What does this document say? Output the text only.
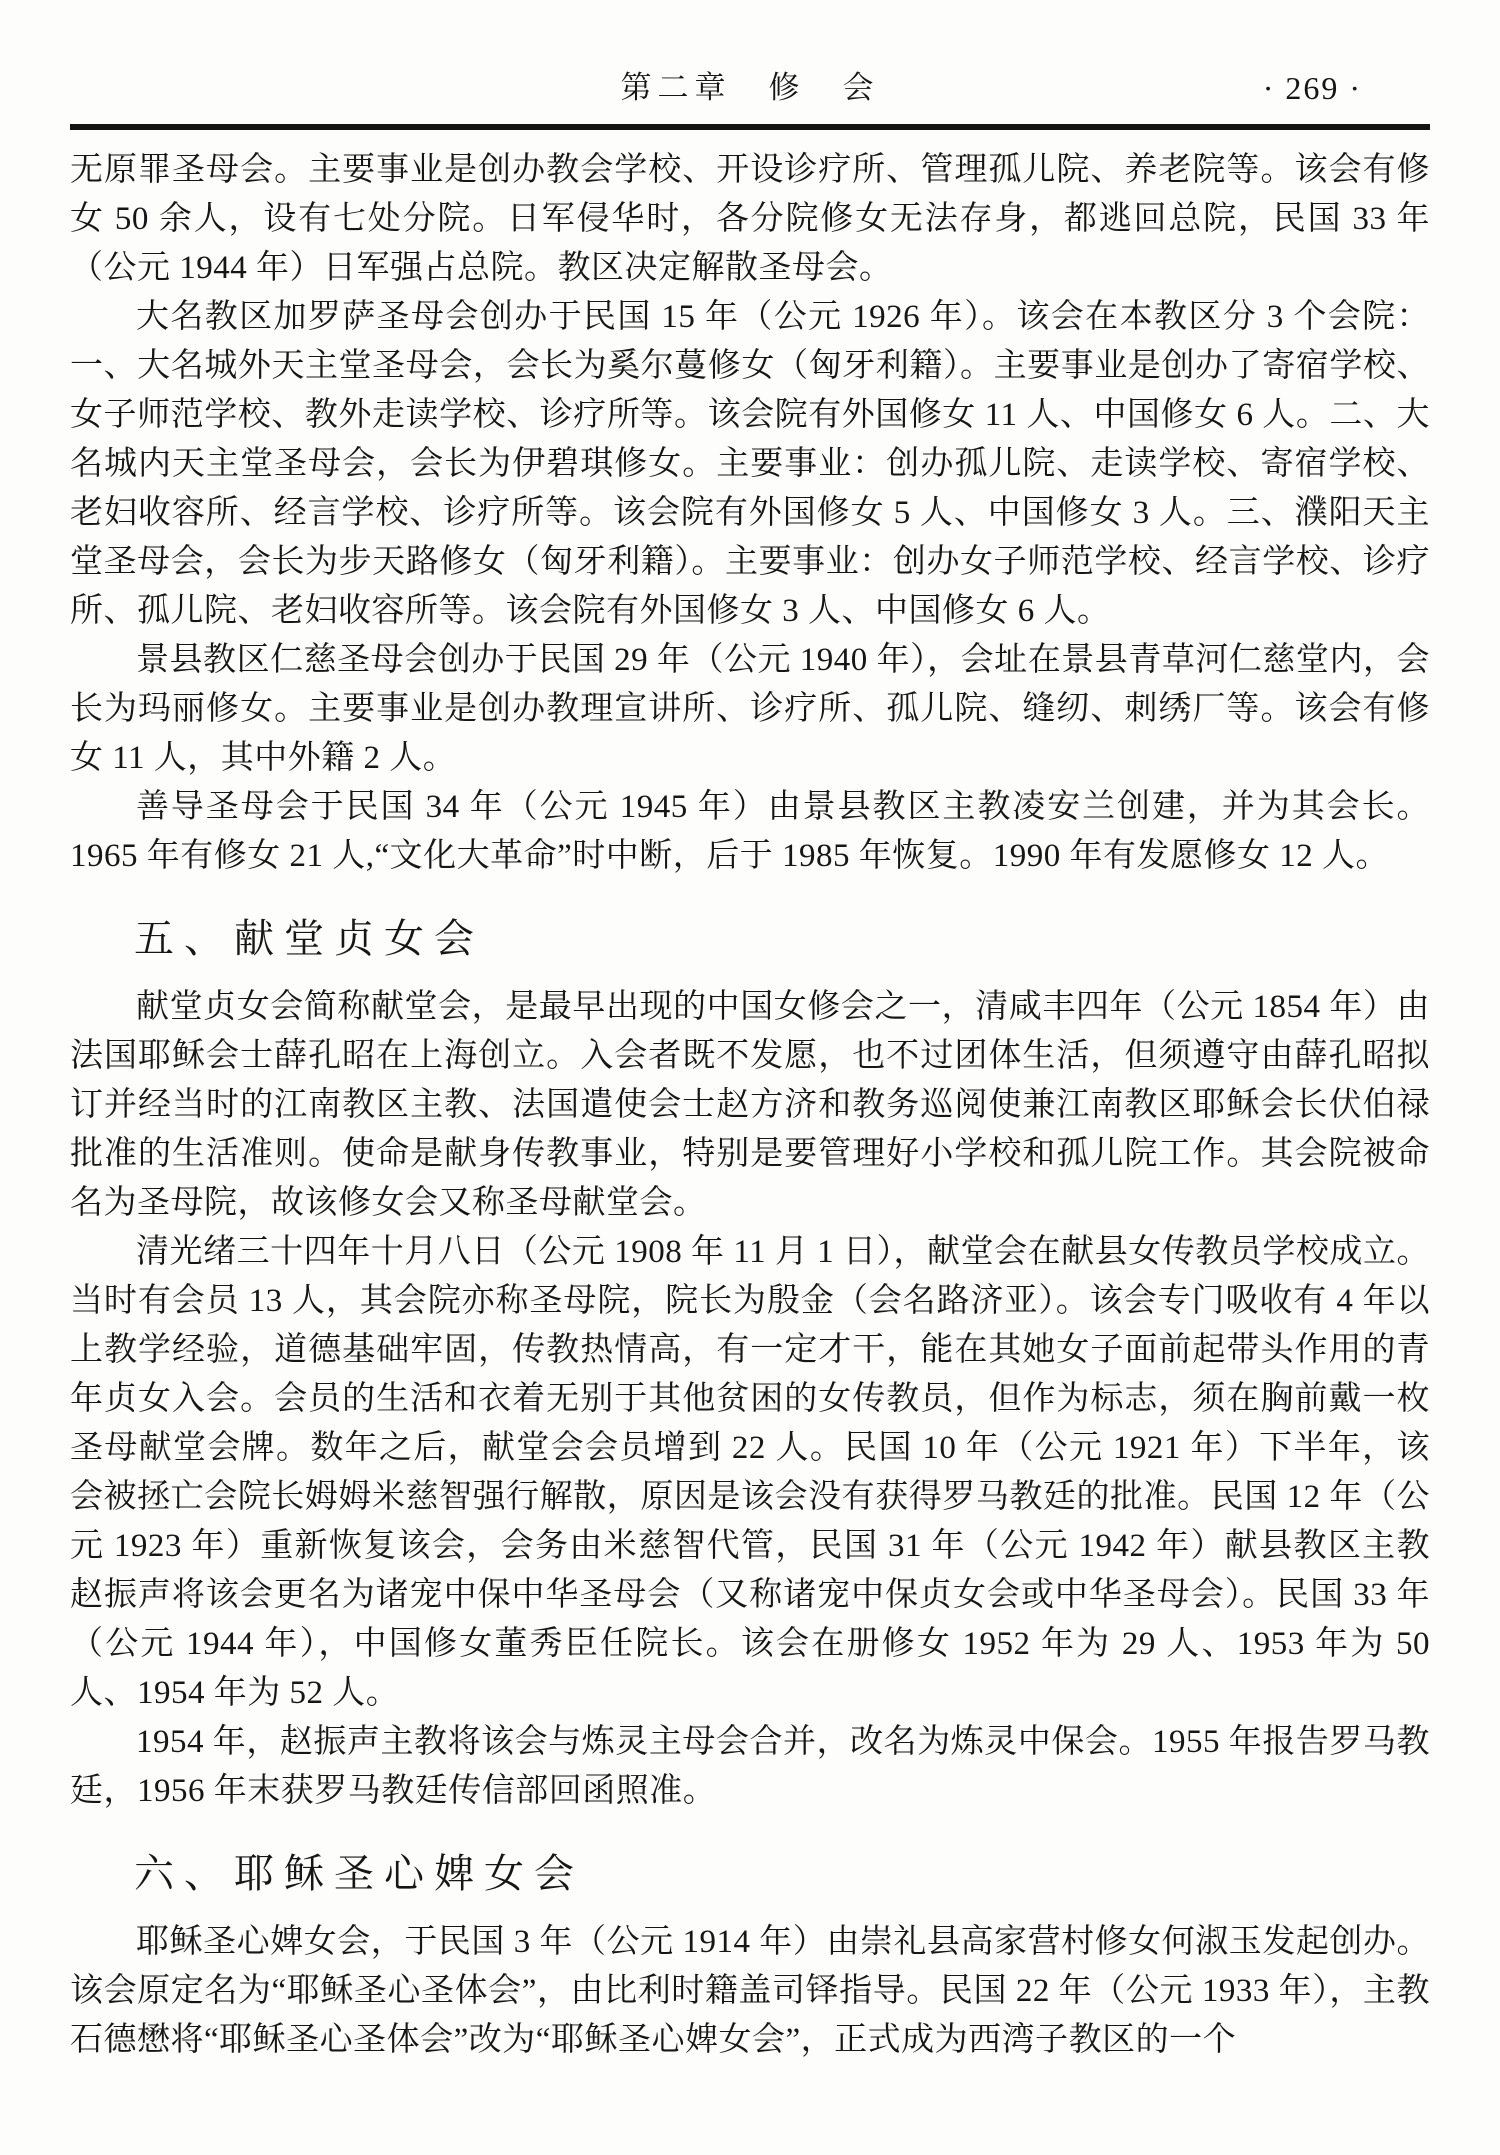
第二章　修　会	· 269 ·

无原罪圣母会。主要事业是创办教会学校、开设诊疗所、管理孤儿院、养老院等。该会有修女 50 余人，设有七处分院。日军侵华时，各分院修女无法存身，都逃回总院，民国 33 年（公元 1944 年）日军强占总院。教区决定解散圣母会。

大名教区加罗萨圣母会创办于民国 15 年（公元 1926 年）。该会在本教区分 3 个会院：一、大名城外天主堂圣母会，会长为奚尔蔓修女（匈牙利籍）。主要事业是创办了寄宿学校、女子师范学校、教外走读学校、诊疗所等。该会院有外国修女 11 人、中国修女 6 人。二、大名城内天主堂圣母会，会长为伊碧琪修女。主要事业：创办孤儿院、走读学校、寄宿学校、老妇收容所、经言学校、诊疗所等。该会院有外国修女 5 人、中国修女 3 人。三、濮阳天主堂圣母会，会长为步天路修女（匈牙利籍）。主要事业：创办女子师范学校、经言学校、诊疗所、孤儿院、老妇收容所等。该会院有外国修女 3 人、中国修女 6 人。

景县教区仁慈圣母会创办于民国 29 年（公元 1940 年），会址在景县青草河仁慈堂内，会长为玛丽修女。主要事业是创办教理宣讲所、诊疗所、孤儿院、缝纫、刺绣厂等。该会有修女 11 人，其中外籍 2 人。

善导圣母会于民国 34 年（公元 1945 年）由景县教区主教凌安兰创建，并为其会长。1965 年有修女 21 人,“文化大革命”时中断，后于 1985 年恢复。1990 年有发愿修女 12 人。

五、献堂贞女会

献堂贞女会简称献堂会，是最早出现的中国女修会之一，清咸丰四年（公元 1854 年）由法国耶稣会士薛孔昭在上海创立。入会者既不发愿，也不过团体生活，但须遵守由薛孔昭拟订并经当时的江南教区主教、法国遣使会士赵方济和教务巡阅使兼江南教区耶稣会长伏伯禄批准的生活准则。使命是献身传教事业，特别是要管理好小学校和孤儿院工作。其会院被命名为圣母院，故该修女会又称圣母献堂会。

清光绪三十四年十月八日（公元 1908 年 11 月 1 日），献堂会在献县女传教员学校成立。当时有会员 13 人，其会院亦称圣母院，院长为殷金（会名路济亚）。该会专门吸收有 4 年以上教学经验，道德基础牢固，传教热情高，有一定才干，能在其她女子面前起带头作用的青年贞女入会。会员的生活和衣着无别于其他贫困的女传教员，但作为标志，须在胸前戴一枚圣母献堂会牌。数年之后，献堂会会员增到 22 人。民国 10 年（公元 1921 年）下半年，该会被拯亡会院长姆姆米慈智强行解散，原因是该会没有获得罗马教廷的批准。民国 12 年（公元 1923 年）重新恢复该会，会务由米慈智代管，民国 31 年（公元 1942 年）献县教区主教赵振声将该会更名为诸宠中保中华圣母会（又称诸宠中保贞女会或中华圣母会）。民国 33 年（公元 1944 年），中国修女董秀臣任院长。该会在册修女 1952 年为 29 人、1953 年为 50 人、1954 年为 52 人。

1954 年，赵振声主教将该会与炼灵主母会合并，改名为炼灵中保会。1955 年报告罗马教廷，1956 年末获罗马教廷传信部回函照准。

六、耶稣圣心婢女会

耶稣圣心婢女会，于民国 3 年（公元 1914 年）由崇礼县高家营村修女何淑玉发起创办。该会原定名为“耶稣圣心圣体会”，由比利时籍盖司铎指导。民国 22 年（公元 1933 年），主教石德懋将“耶稣圣心圣体会”改为“耶稣圣心婢女会”，正式成为西湾子教区的一个
